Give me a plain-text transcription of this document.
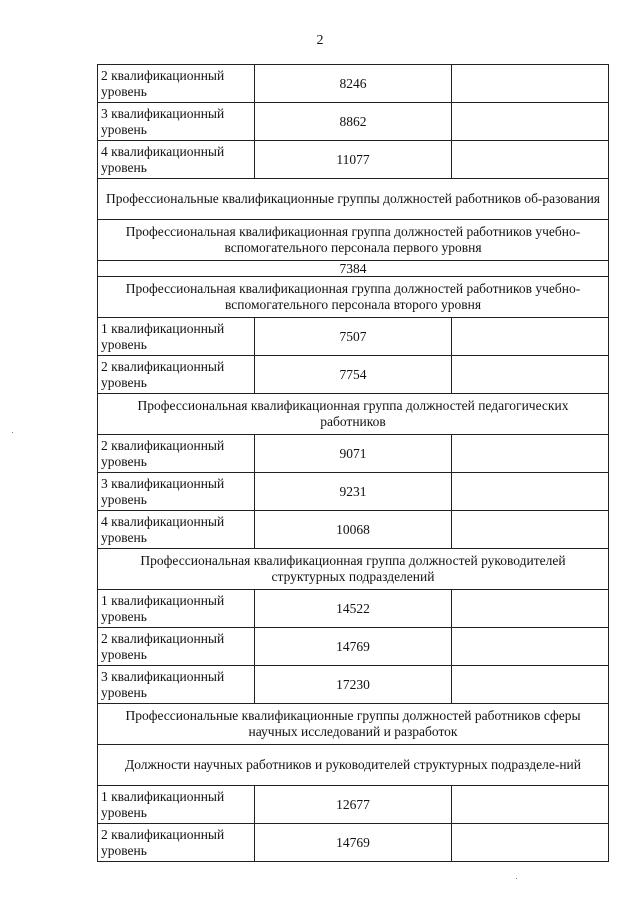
2
2 квалификационный уровень	8246	
3 квалификационный уровень	8862	
4 квалификационный уровень	11077	
Профессиональные квалификационные группы должностей работников об-разования		
Профессиональная квалификационная группа должностей работников учебно-вспомогательного персонала первого уровня		
7384		
Профессиональная квалификационная группа должностей работников учебно-вспомогательного персонала второго уровня		
1 квалификационный уровень	7507	
2 квалификационный уровень	7754	
Профессиональная квалификационная группа должностей педагогических работников		
2 квалификационный уровень	9071	
3 квалификационный уровень	9231	
4 квалификационный уровень	10068	
Профессиональная квалификационная группа должностей руководителей структурных подразделений		
1 квалификационный уровень	14522	
2 квалификационный уровень	14769	
3 квалификационный уровень	17230	
Профессиональные квалификационные группы должностей работников сферы научных исследований и разработок		
Должности научных работников и руководителей структурных подразделе-ний		
1 квалификационный уровень	12677	
2 квалификационный уровень	14769	
